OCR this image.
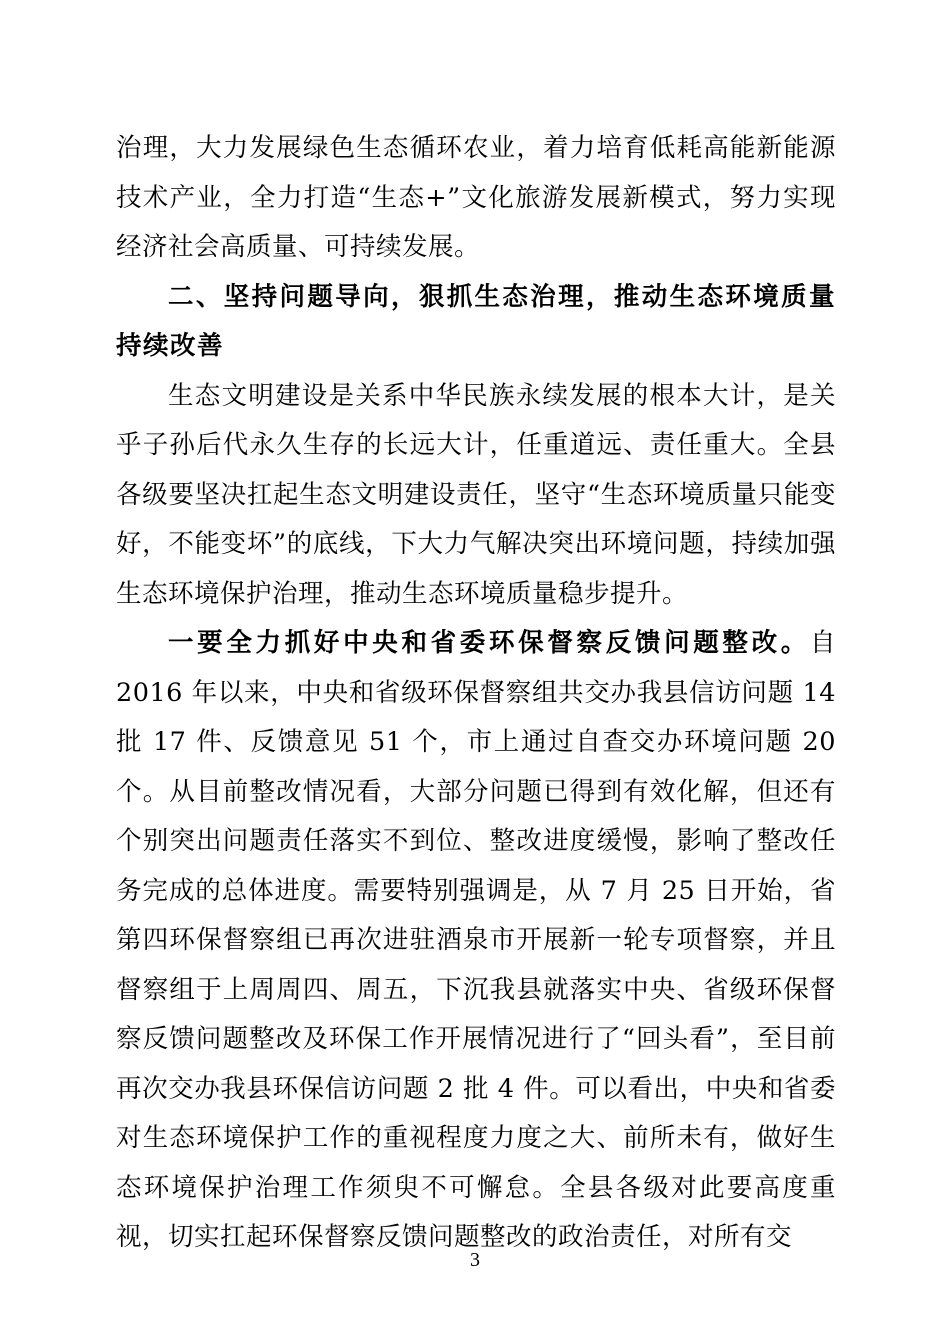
治理，大力发展绿色生态循环农业，着力培育低耗高能新能源技术产业，全力打造“生态+”文化旅游发展新模式，努力实现经济社会高质量、可持续发展。

二、坚持问题导向，狠抓生态治理，推动生态环境质量持续改善

生态文明建设是关系中华民族永续发展的根本大计，是关乎子孙后代永久生存的长远大计，任重道远、责任重大。全县各级要坚决扛起生态文明建设责任，坚守“生态环境质量只能变好，不能变坏”的底线，下大力气解决突出环境问题，持续加强生态环境保护治理，推动生态环境质量稳步提升。

一要全力抓好中央和省委环保督察反馈问题整改。自 2016 年以来，中央和省级环保督察组共交办我县信访问题 14 批 17 件、反馈意见 51 个，市上通过自查交办环境问题 20 个。从目前整改情况看，大部分问题已得到有效化解，但还有个别突出问题责任落实不到位、整改进度缓慢，影响了整改任务完成的总体进度。需要特别强调是，从 7 月 25 日开始，省第四环保督察组已再次进驻酒泉市开展新一轮专项督察，并且督察组于上周周四、周五，下沉我县就落实中央、省级环保督察反馈问题整改及环保工作开展情况进行了“回头看”，至目前再次交办我县环保信访问题 2 批 4 件。可以看出，中央和省委对生态环境保护工作的重视程度力度之大、前所未有，做好生态环境保护治理工作须臾不可懈怠。全县各级对此要高度重视，切实扛起环保督察反馈问题整改的政治责任，对所有交

3
